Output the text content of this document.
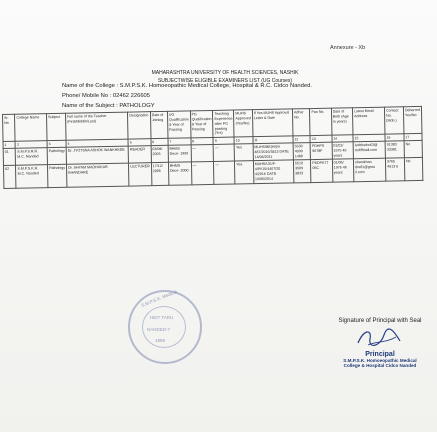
Annexure - Xb
MAHARASHTRA UNIVERSITY OF HEALTH SCIENCES, NASHIK
SUBJECTWISE ELIGIBLE EXAMINERS LIST (UG Courses)
Name of the College : S.M.P.S.K. Homoeopathic Medical College, Hospital & R.C. Cidco Nanded.
Phone/ Mobile No : 02462 226605
Name of the Subject : PATHOLOGY
Sr. No	College Name	Subject	Full name of the Teacher (First/Middle/Last)	Designation	Date of Joining	UG Qualification & Year of Passing	PG Qualification & Year of Passing	Teaching Experience after PG passing (Yrs)	MUHS Approved (Yes/No)	If Yes MUHS Approval Letter & Date	Adhar No.	Pan No.	Date of Birth (Age in years)	Latest Email Address	Contact No. (Mob.)	Debarred Yes/No
1	2	3	4	5	6	7	8	9	10	11	12	13	14	15	16	17
01	S.M.P.S.R.R. M.C. Nanded	Pathology	Dr. JYOTSNA ASHOK WANKHEDE	READER	03/08/ 2003	BHMS Dece- 1999	—	—	Yes	MUHS/BE(HI)/4 487/2016/3813 DATE 14/06/2011	5530 4090 1480	FDHPS 9078F	01/01/ 1975 46 years	ivobhedw63@ rediffmail.com	91383 33381	No
02	S.M.P.S.K.H. M.C. Nanded	Pathology	Dr. SHYAM MADHUKAR KHANDARE	LECTURER	17/12/ 2005	BHMS Dece- 2000	—	—	Yes	MUHS/UG/F- 4/PI/15/4407/20 4/2016 DATE 19/06/2014	5510 3509 3833	FEDPK77 05C	01/06/ 1976 46 years	shamkhan dre81@gma il.com	9765 4913 6	No
S.M.P.S.K. Medical
HEIT TARU
NANDED-7
1989
Signature of Principal with Seal
Principal
S.M.P.S.K. Homoeopathic Medical
College & Hospital Cidco Nanded
